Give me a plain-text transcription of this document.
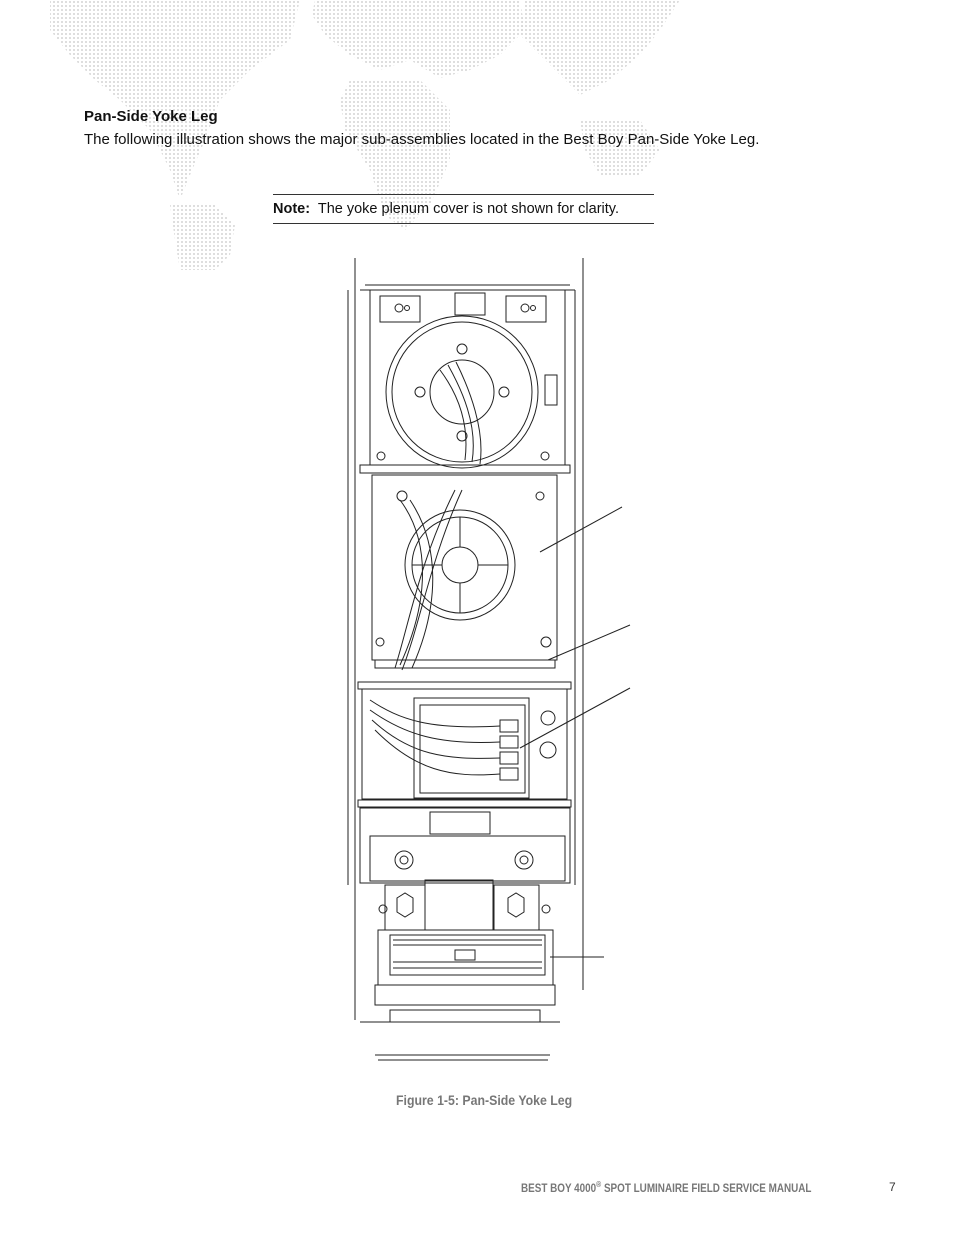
Pan-Side Yoke Leg

The following illustration shows the major sub-assemblies located in the Best Boy Pan-Side Yoke Leg.

Note: The yoke plenum cover is not shown for clarity.
Figure 1-5: Pan-Side Yoke Leg
BEST BOY 4000® SPOT LUMINAIRE FIELD SERVICE MANUAL	7
